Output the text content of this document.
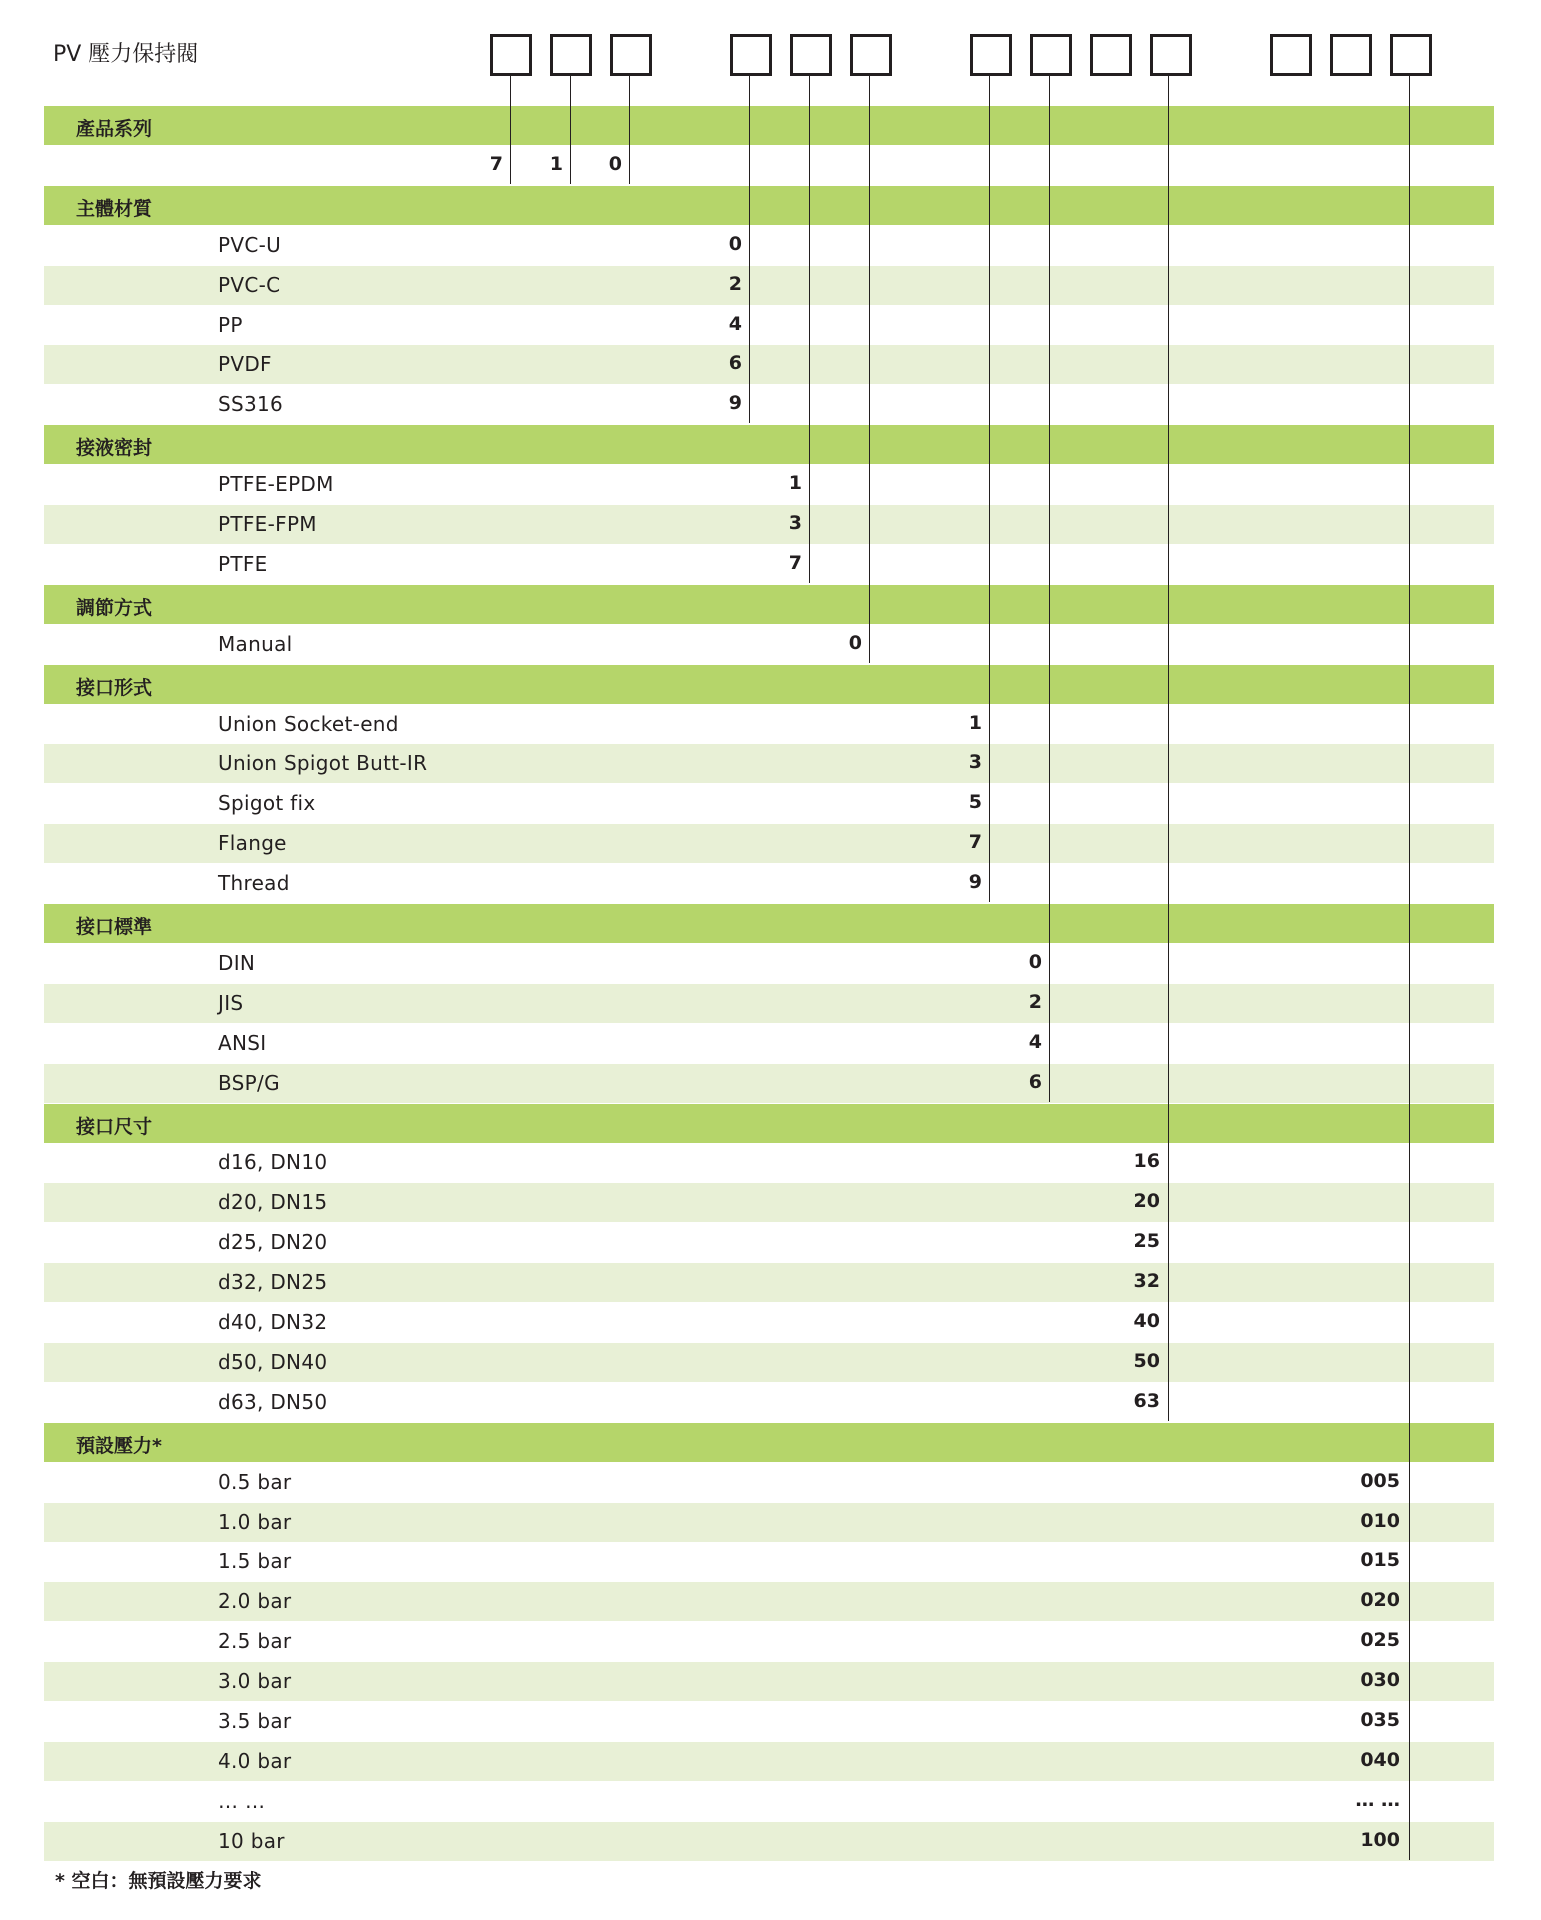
PV 壓力保持閥
產品系列
7 1 0
主體材質
PVC-U	0
PVC-C	2
PP	4
PVDF	6
SS316	9
接液密封
PTFE-EPDM	1
PTFE-FPM	3
PTFE	7
調節方式
Manual	0
接口形式
Union Socket-end	1
Union Spigot Butt-IR	3
Spigot fix	5
Flange	7
Thread	9
接口標準
DIN	0
JIS	2
ANSI	4
BSP/G	6
接口尺寸
d16, DN10	16
d20, DN15	20
d25, DN20	25
d32, DN25	32
d40, DN32	40
d50, DN40	50
d63, DN50	63
預設壓力*
0.5 bar	005
1.0 bar	010
1.5 bar	015
2.0 bar	020
2.5 bar	025
3.0 bar	030
3.5 bar	035
4.0 bar	040
… …	… …
10 bar	100
* 空白：無預設壓力要求
